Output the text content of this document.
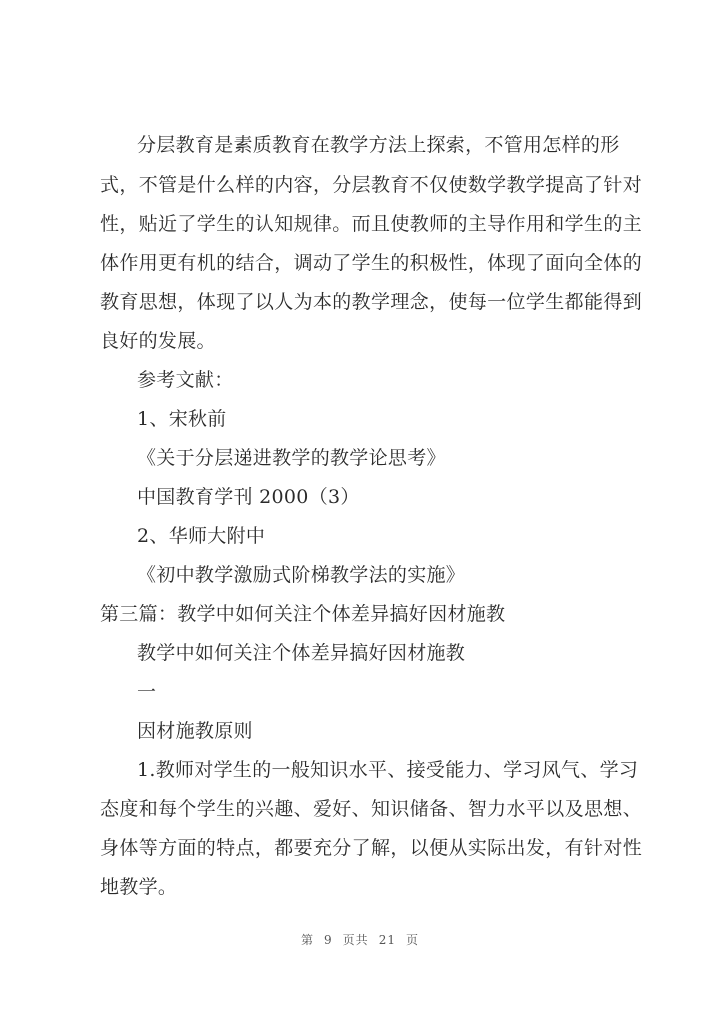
分层教育是素质教育在教学方法上探索，不管用怎样的形
式，不管是什么样的内容，分层教育不仅使数学教学提高了针对
性，贴近了学生的认知规律。而且使教师的主导作用和学生的主
体作用更有机的结合，调动了学生的积极性，体现了面向全体的
教育思想，体现了以人为本的教学理念，使每一位学生都能得到
良好的发展。
参考文献：
1、宋秋前
《关于分层递进教学的教学论思考》
中国教育学刊 2000（3）
2、华师大附中
《初中教学激励式阶梯教学法的实施》
第三篇：教学中如何关注个体差异搞好因材施教
教学中如何关注个体差异搞好因材施教
一
因材施教原则
1.教师对学生的一般知识水平、接受能力、学习风气、学习
态度和每个学生的兴趣、爱好、知识储备、智力水平以及思想、
身体等方面的特点，都要充分了解，以便从实际出发，有针对性
地教学。
第 9 页共 21 页
